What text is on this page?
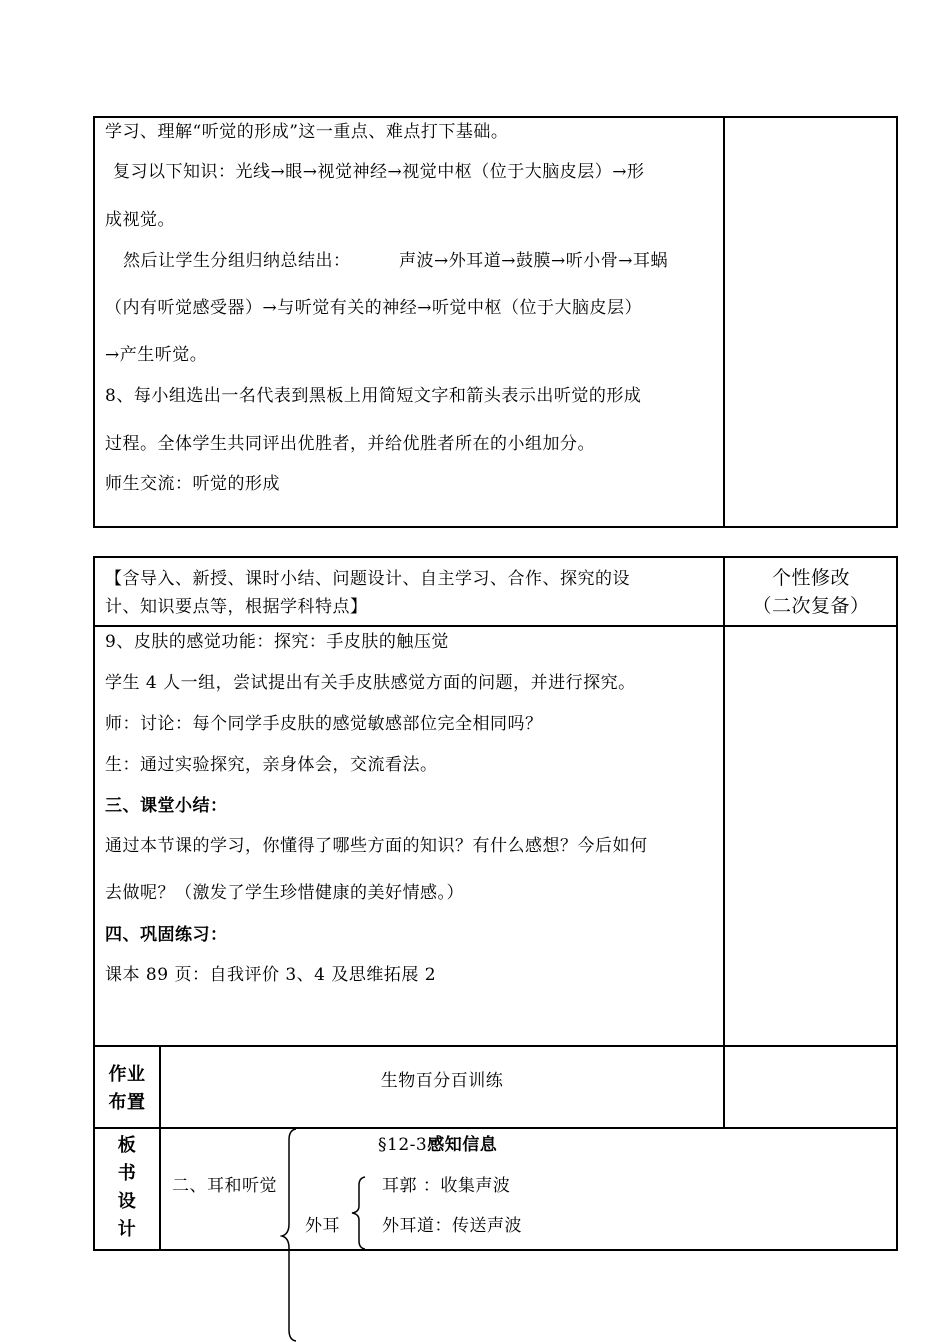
学习、理解“听觉的形成”这一重点、难点打下基础。
复习以下知识：光线→眼→视觉神经→视觉中枢（位于大脑皮层）→形
成视觉。
然后让学生分组归纳总结出：	声波→外耳道→鼓膜→听小骨→耳蜗
（内有听觉感受器）→与听觉有关的神经→听觉中枢（位于大脑皮层）
→产生听觉。
8、每小组选出一名代表到黑板上用简短文字和箭头表示出听觉的形成
过程。全体学生共同评出优胜者，并给优胜者所在的小组加分。
师生交流：听觉的形成
【含导入、新授、课时小结、问题设计、自主学习、合作、探究的设
计、知识要点等，根据学科特点】
个性修改
（二次复备）
9、皮肤的感觉功能：探究：手皮肤的触压觉
学生 4 人一组，尝试提出有关手皮肤感觉方面的问题，并进行探究。
师：讨论：每个同学手皮肤的感觉敏感部位完全相同吗？
生：通过实验探究，亲身体会，交流看法。
三、课堂小结：
通过本节课的学习，你懂得了哪些方面的知识？有什么感想？今后如何
去做呢？（激发了学生珍惜健康的美好情感。）
四、巩固练习：
课本 89 页：自我评价 3、4 及思维拓展 2
作业
布置
生物百分百训练
板
书
设
计
§12-3感知信息
二、耳和听觉
外耳
耳郭 ：收集声波
外耳道：传送声波
